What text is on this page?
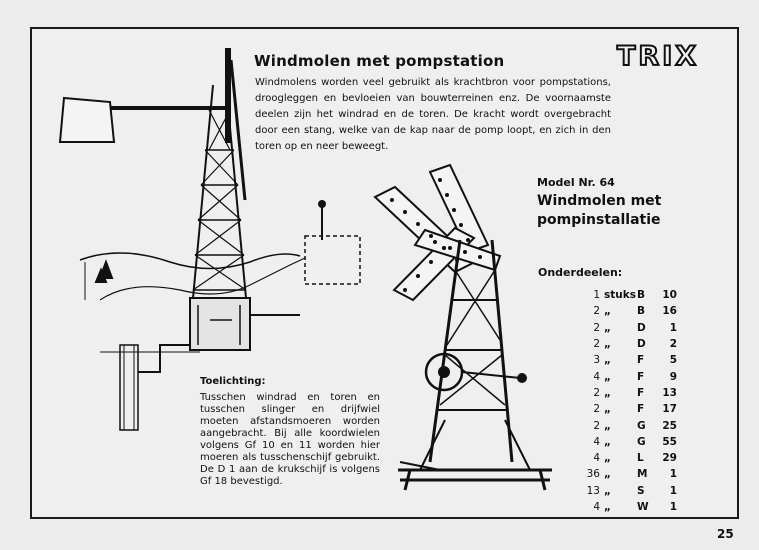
Windmolen met pompstation	TRIX

Windmolens worden veel gebruikt als krachtbron voor pompstations, droogleggen en bevloeien van bouwterreinen enz. De voornaamste deelen zijn het windrad en de toren. De kracht wordt overgebracht door een stang, welke van de kap naar de pomp loopt, en zich in den toren op en neer beweegt.

Model Nr. 64
Windmolen met pompinstallatie
Onderdeelen:
1	stuks	B	10
2	„	B	16
2	„	D	1
2	„	D	2
3	„	F	5
4	„	F	9
2	„	F	13
2	„	F	17
2	„	G	25
4	„	G	55
4	„	L	29
36	„	M	1
13	„	S	1
4	„	W	1
Toelichting:

Tusschen windrad en toren en tusschen slinger en drijfwiel moeten afstandsmoeren worden aangebracht. Bij alle koordwielen volgens Gf 10 en 11 worden hier moeren als tusschenschijf gebruikt. De D 1 aan de krukschijf is volgens Gf 18 bevestigd.

25
